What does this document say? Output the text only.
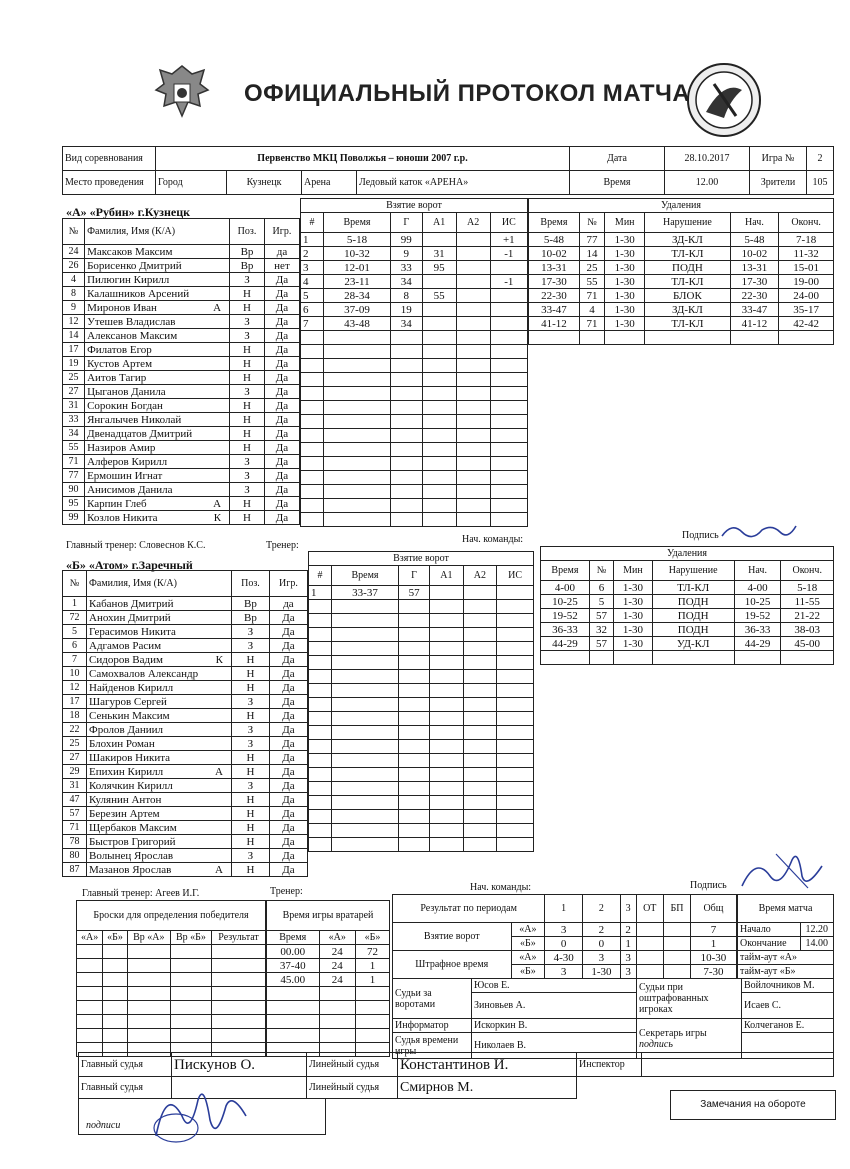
ОФИЦИАЛЬНЫЙ ПРОТОКОЛ МАТЧА
Вид соревнования	Первенство МКЦ Поволжья – юноши 2007 г.р.				Дата	28.10.2017	Игра №	2
Место проведения	Город	Кузнецк	Арена	Ледовый каток «АРЕНА»	Время	12.00	Зрители	105
«А» «Рубин» г.Кузнецк
№	Фамилия, Имя (К/А)	Поз.	Игр.
24	Максаков Максим	Вр	да
26	Борисенко Дмитрий	Вр	нет
4	Пилюгин Кирилл	З	Да
8	Калашников Арсений	Н	Да
9	Миронов Иван А	Н	Да
12	Утешев Владислав	З	Да
14	Алексанов Максим	З	Да
17	Филатов Егор	Н	Да
19	Кустов Артем	Н	Да
25	Аитов Тагир	Н	Да
27	Цыганов Данила	З	Да
31	Сорокин Богдан	Н	Да
33	Янгалычев Николай	Н	Да
34	Двенадцатов Дмитрий	Н	Да
55	Назиров Амир	Н	Да
71	Алферов Кирилл	З	Да
77	Ермошин Игнат	З	Да
90	Анисимов Данила	З	Да
95	Карпин Глеб А	Н	Да
99	Козлов Никита К	Н	Да
Взятие ворот					
#	Время	Г	А1	А2	ИС
1	5-18	99			+1
2	10-32	9	31		-1
3	12-01	33	95		
4	23-11	34			-1
5	28-34	8	55		
6	37-09	19			
7	43-48	34			

Удаления					
Время	№	Мин	Нарушение	Нач.	Оконч.
5-48	77	1-30	ЗД-КЛ	5-48	7-18
10-02	14	1-30	ТЛ-КЛ	10-02	11-32
13-31	25	1-30	ПОДН	13-31	15-01
17-30	55	1-30	ТЛ-КЛ	17-30	19-00
22-30	71	1-30	БЛОК	22-30	24-00
33-47	4	1-30	ЗД-КЛ	33-47	35-17
41-12	71	1-30	ТЛ-КЛ	41-12	42-42

Главный тренер: Словеснов К.С.	Тренер:
Нач. команды:	Подпись
«Б» «Атом» г.Заречный
№	Фамилия, Имя (К/А)	Поз.	Игр.
1	Кабанов Дмитрий	Вр	да
72	Анохин Дмитрий	Вр	Да
5	Герасимов Никита	З	Да
6	Адгамов Расим	З	Да
7	Сидоров Вадим К	Н	Да
10	Самохвалов Александр	Н	Да
12	Найденов Кирилл	Н	Да
17	Шагуров Сергей	З	Да
18	Сенькин Максим	Н	Да
22	Фролов Даниил	З	Да
25	Блохин Роман	З	Да
27	Шакиров Никита	Н	Да
29	Епихин Кирилл А	Н	Да
31	Колячкин Кирилл	З	Да
47	Кулянин Антон	Н	Да
57	Березин Артем	Н	Да
71	Щербаков Максим	Н	Да
78	Быстров Григорий	Н	Да
80	Волынец Ярослав	З	Да
87	Мазанов Ярослав А	Н	Да
Взятие ворот					
#	Время	Г	А1	А2	ИС
1	33-37	57			

Удаления					
Время	№	Мин	Нарушение	Нач.	Оконч.
4-00	6	1-30	ТЛ-КЛ	4-00	5-18
10-25	5	1-30	ПОДН	10-25	11-55
19-52	57	1-30	ПОДН	19-52	21-22
36-33	32	1-30	ПОДН	36-33	38-03
44-29	57	1-30	УД-КЛ	44-29	45-00

Главный тренер: Агеев И.Г.	Тренер:	Нач. команды:	Подпись
Броски для определения победителя				
«А»	«Б»	Вр «А»	Вр «Б»	Результат

Время игры вратарей		
Время	«А»	«Б»
00.00	24	72
37-40	24	1
45.00	24	1

Результат по периодам		1	2	3	ОТ	БП	Общ
Взятие ворот	«А»	3	2	2			7
	«Б»	0	0	1			1
Штрафное время	«А»	4-30	3	3			10-30
	«Б»	3	1-30	3			7-30
Время матча	
Начало	12.20
Окончание	14.00
тайм-аут «А»	
тайм-аут «Б»	
Судьи за воротами	Юсов Е.	Судьи при оштрафованных игроках	Войлочников М.
	Зиновьев А.		Исаев С.
Информатор	Искоркин В.	Секретарь игры
подпись	Колчеганов Е.
Судья времени игры	Николаев В.		
Главный судья	Пискунов О.	Линейный судья	Константинов И.	Инспектор	
Главный судья		Линейный судья	Смирнов М.		
подписи
Замечания на обороте
